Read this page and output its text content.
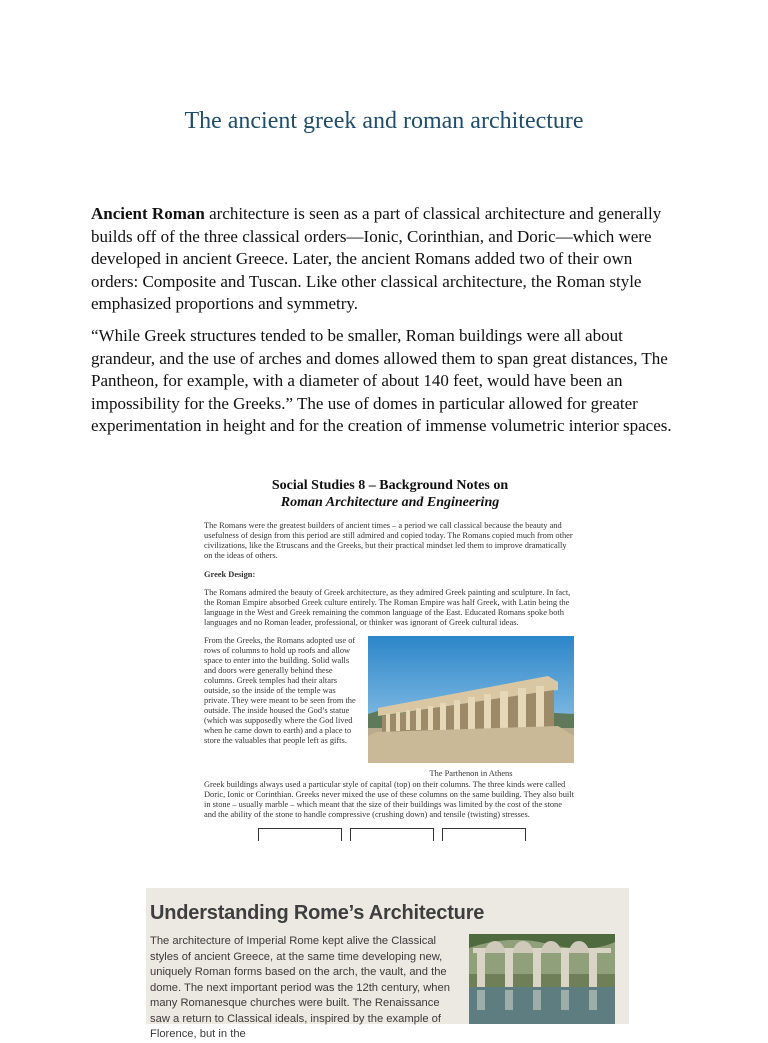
The ancient greek and roman architecture
Ancient Roman architecture is seen as a part of classical architecture and generally builds off of the three classical orders—Ionic, Corinthian, and Doric—which were developed in ancient Greece. Later, the ancient Romans added two of their own orders: Composite and Tuscan. Like other classical architecture, the Roman style emphasized proportions and symmetry.
“While Greek structures tended to be smaller, Roman buildings were all about grandeur, and the use of arches and domes allowed them to span great distances, The Pantheon, for example, with a diameter of about 140 feet, would have been an impossibility for the Greeks.” The use of domes in particular allowed for greater experimentation in height and for the creation of immense volumetric interior spaces.
Social Studies 8 – Background Notes on
Roman Architecture and Engineering
The Romans were the greatest builders of ancient times – a period we call classical because the beauty and usefulness of design from this period are still admired and copied today. The Romans copied much from other civilizations, like the Etruscans and the Greeks, but their practical mindset led them to improve dramatically on the ideas of others.
Greek Design:
The Romans admired the beauty of Greek architecture, as they admired Greek painting and sculpture. In fact, the Roman Empire absorbed Greek culture entirely. The Roman Empire was half Greek, with Latin being the language in the West and Greek remaining the common language of the East. Educated Romans spoke both languages and no Roman leader, professional, or thinker was ignorant of Greek cultural ideas.
From the Greeks, the Romans adopted use of rows of columns to hold up roofs and allow space to enter into the building. Solid walls and doors were generally behind these columns. Greek temples had their altars outside, so the inside of the temple was private. They were meant to be seen from the outside. The inside housed the God’s statue (which was supposedly where the God lived when he came down to earth) and a place to store the valuables that people left as gifts.
The Parthenon in Athens
Greek buildings always used a particular style of capital (top) on their columns. The three kinds were called Doric, Ionic or Corinthian. Greeks never mixed the use of these columns on the same building. They also built in stone – usually marble – which meant that the size of their buildings was limited by the cost of the stone and the ability of the stone to handle compressive (crushing down) and tensile (twisting) stresses.
Understanding Rome’s Architecture
The architecture of Imperial Rome kept alive the Classical styles of ancient Greece, at the same time developing new, uniquely Roman forms based on the arch, the vault, and the dome. The next important period was the 12th century, when many Romanesque churches were built. The Renaissance saw a return to Classical ideals, inspired by the example of Florence, but in the
